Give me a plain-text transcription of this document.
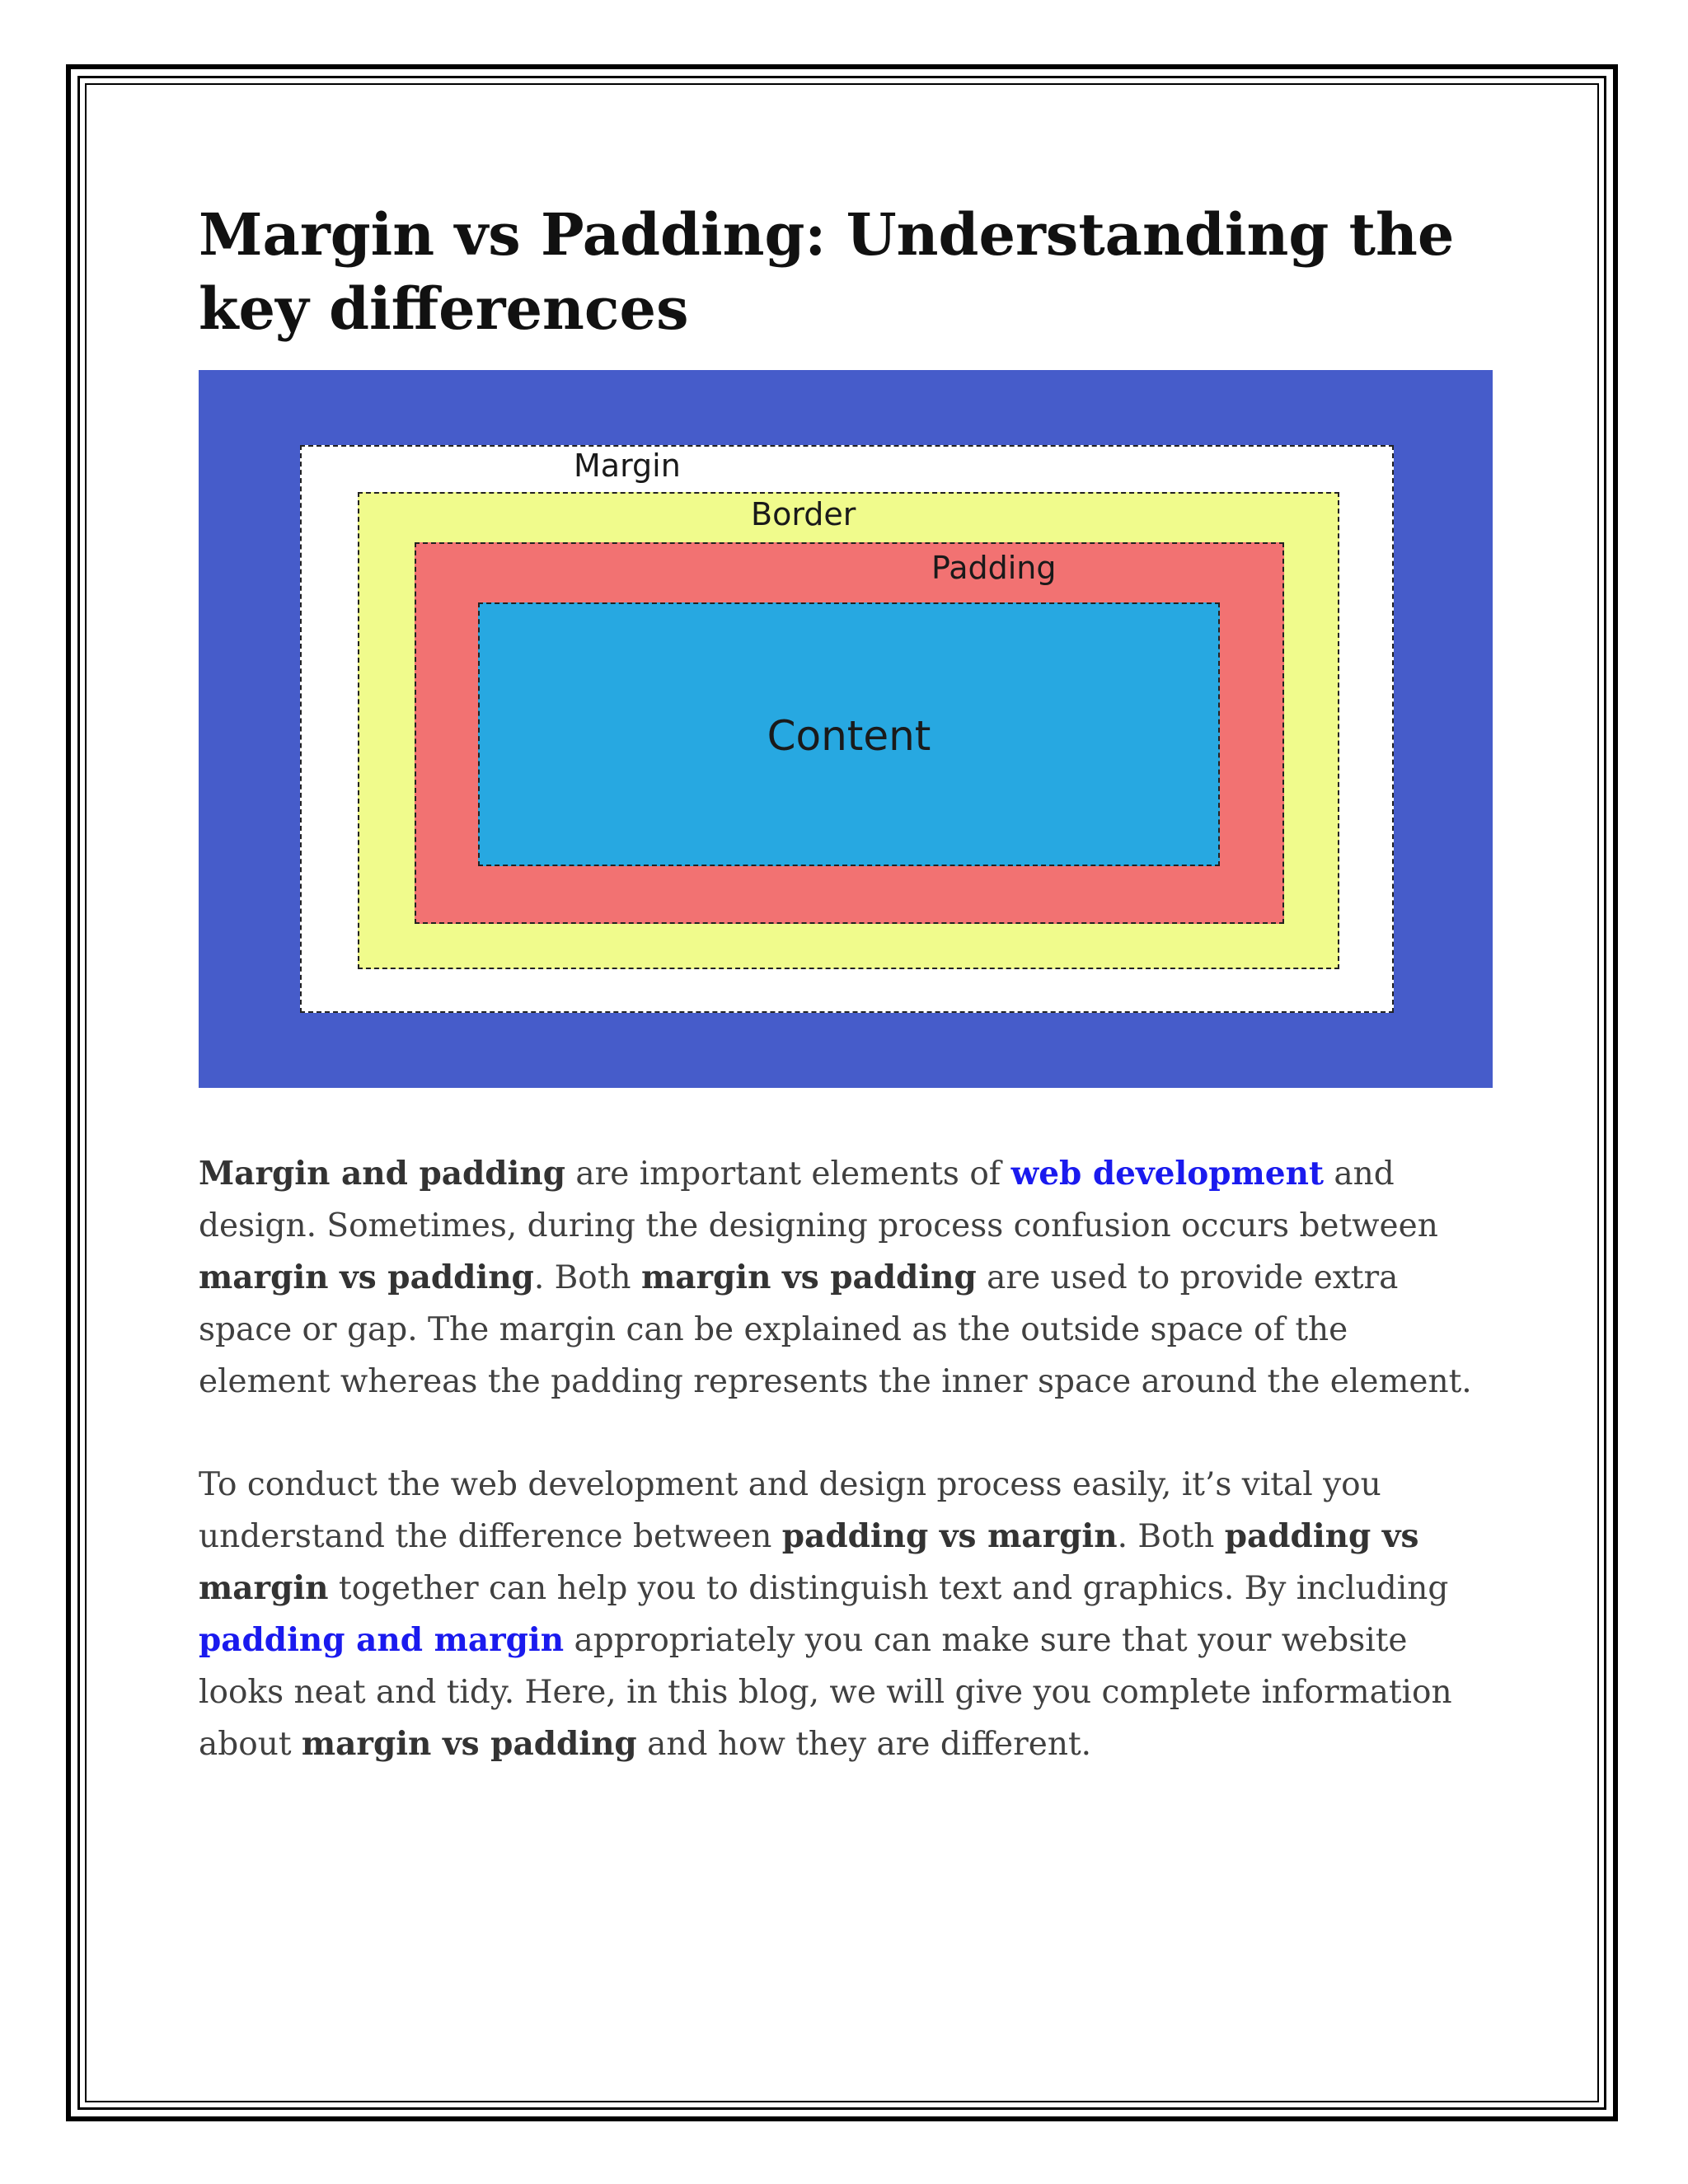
Margin vs Padding: Understanding the key differences
Margin
Border
Padding
Content

Margin and padding are important elements of web development and design. Sometimes, during the designing process confusion occurs between margin vs padding. Both margin vs padding are used to provide extra space or gap. The margin can be explained as the outside space of the element whereas the padding represents the inner space around the element.

To conduct the web development and design process easily, it’s vital you understand the difference between padding vs margin. Both padding vs margin together can help you to distinguish text and graphics. By including padding and margin appropriately you can make sure that your website looks neat and tidy. Here, in this blog, we will give you complete information about margin vs padding and how they are different.
